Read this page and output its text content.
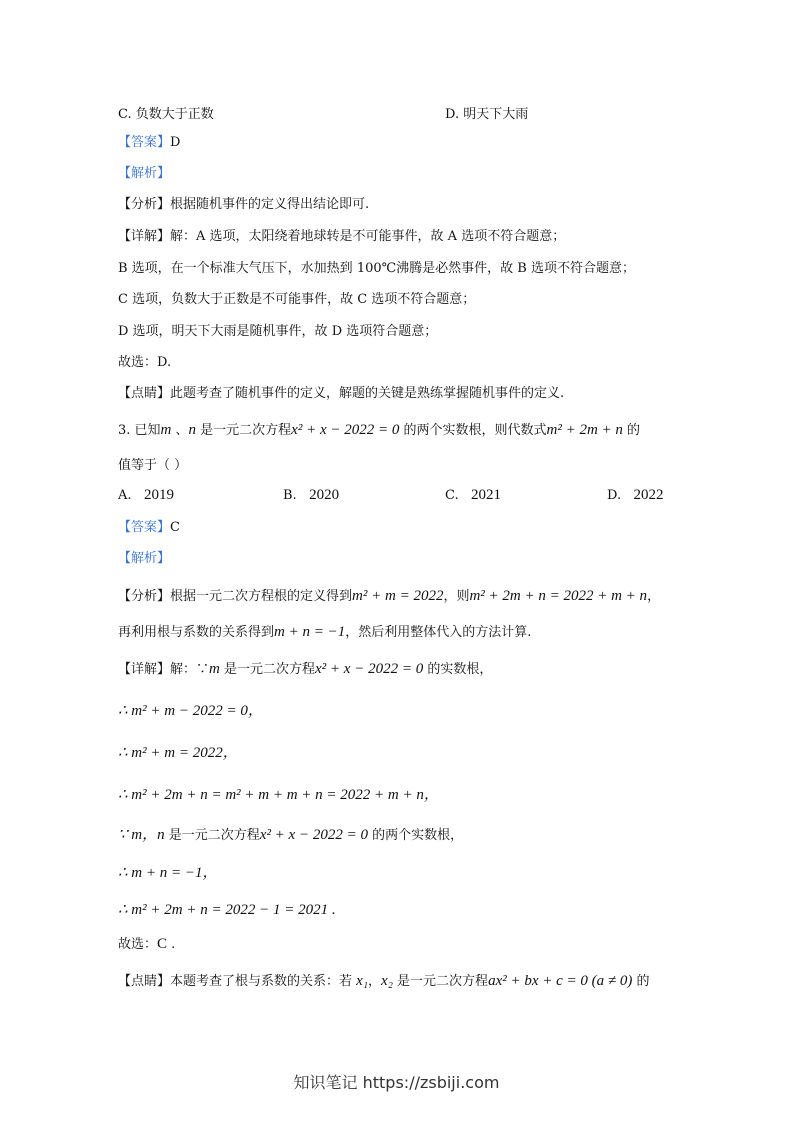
C. 负数大于正数	D. 明天下大雨
【答案】D
【解析】
【分析】根据随机事件的定义得出结论即可.
【详解】解：A 选项，太阳绕着地球转是不可能事件，故 A 选项不符合题意；
B 选项，在一个标准大气压下，水加热到 100℃沸腾是必然事件，故 B 选项不符合题意；
C 选项，负数大于正数是不可能事件，故 C 选项不符合题意；
D 选项，明天下大雨是随机事件，故 D 选项符合题意；
故选：D.
【点睛】此题考查了随机事件的定义，解题的关键是熟练掌握随机事件的定义.
3. 已知m 、n 是一元二次方程x² + x − 2022 = 0 的两个实数根，则代数式m² + 2m + n 的
值等于（ ）
A. 2019	B. 2020	C. 2021	D. 2022
【答案】C
【解析】
【分析】根据一元二次方程根的定义得到m² + m = 2022，则m² + 2m + n = 2022 + m + n，
再利用根与系数的关系得到m + n = −1，然后利用整体代入的方法计算.
【详解】解：∵m 是一元二次方程x² + x − 2022 = 0 的实数根，
∴ m² + m − 2022 = 0，
∴ m² + m = 2022，
∴ m² + 2m + n = m² + m + m + n = 2022 + m + n，
∵ m，n 是一元二次方程x² + x − 2022 = 0 的两个实数根，
∴ m + n = −1，
∴ m² + 2m + n = 2022 − 1 = 2021 .
故选：C .
【点睛】本题考查了根与系数的关系：若 x₁，x₂ 是一元二次方程ax² + bx + c = 0 (a ≠ 0) 的
知识笔记 https://zsbiji.com
